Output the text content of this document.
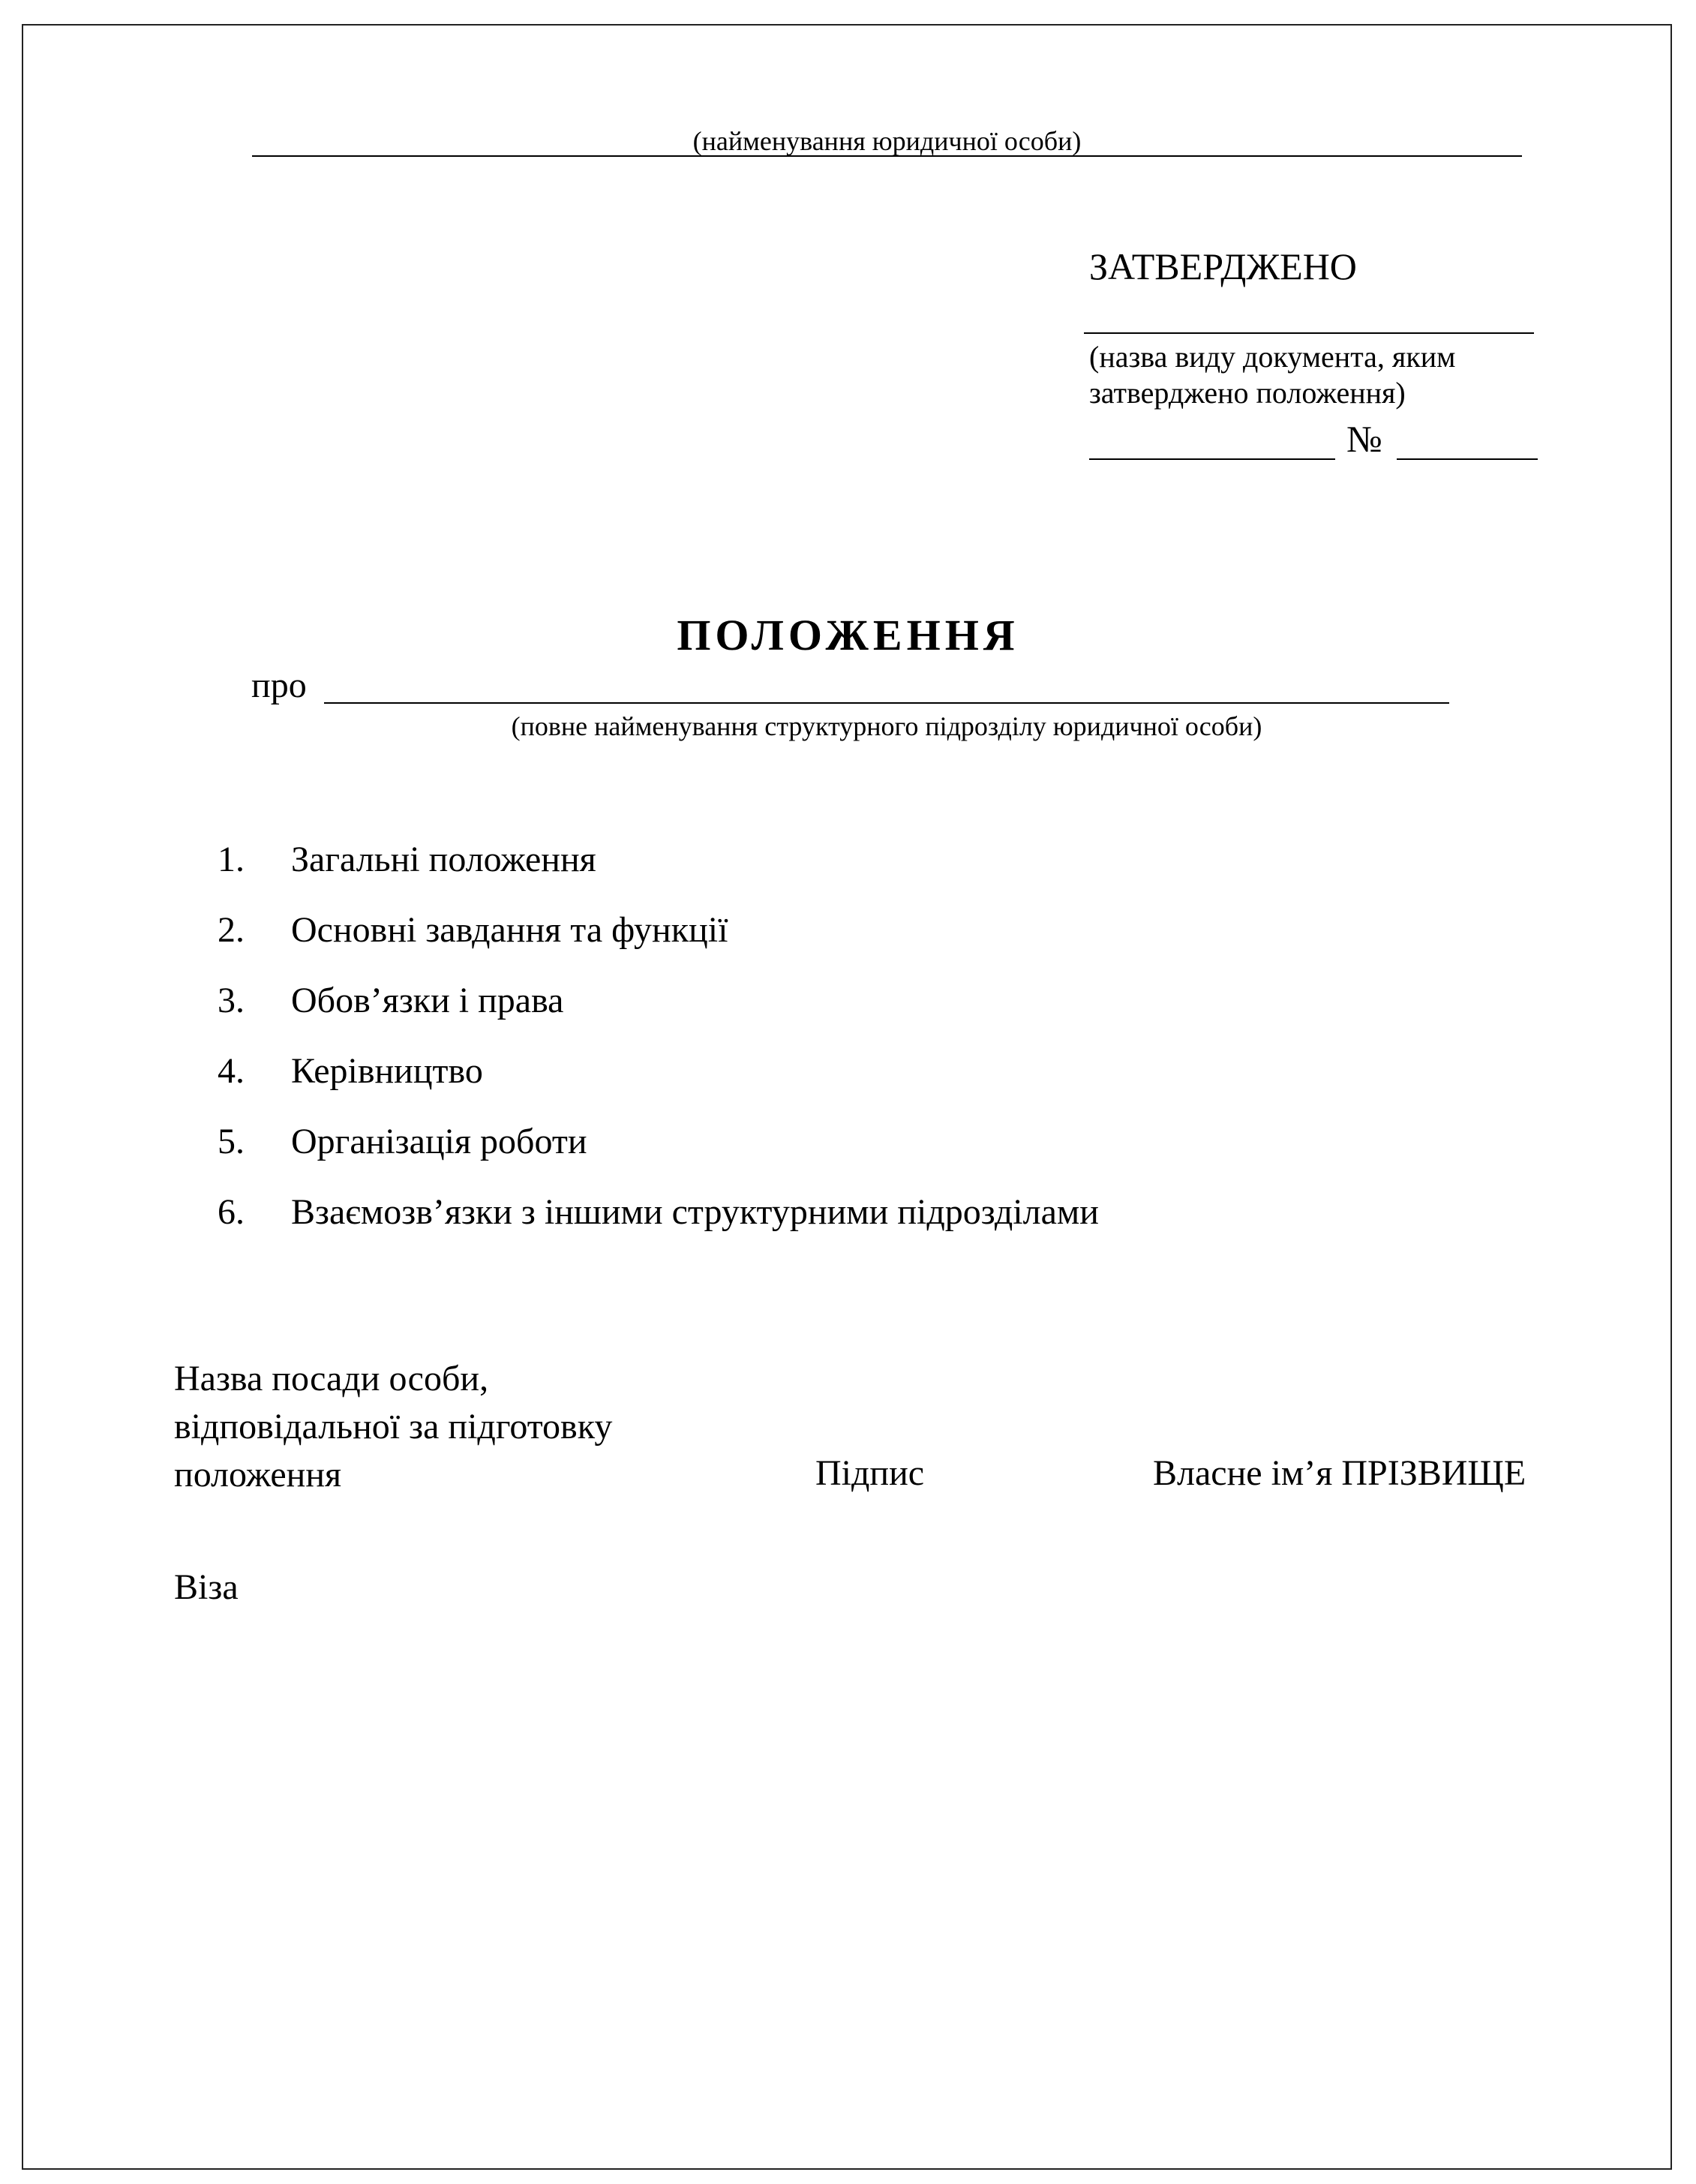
(найменування юридичної особи)
ЗАТВЕРДЖЕНО
(назва виду документа, яким
затверджено положення)
№
ПОЛОЖЕННЯ
про
(повне найменування структурного підрозділу юридичної особи)
1. Загальні положення
2. Основні завдання та функції
3. Обов’язки і права
4. Керівництво
5. Організація роботи
6. Взаємозв’язки з іншими структурними підрозділами
Назва посади особи,
відповідальної за підготовку
положення	Підпис	Власне ім’я ПРІЗВИЩЕ
Віза
